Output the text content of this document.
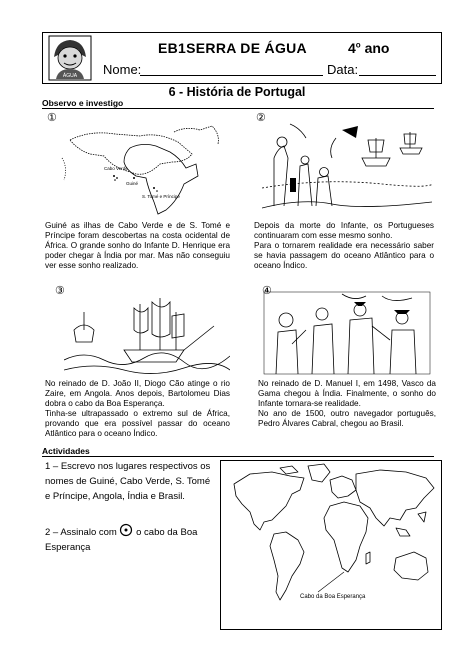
ÁGUA
EB1SERRA DE ÁGUA	4$^o$ ano
Nome:	Data:
6 - História de Portugal
Observo e investigo
①
Cabo Verde
Guiné
S. Tomé e Príncipe

Guiné as ilhas de Cabo Verde e de S. Tomé e Príncipe foram descobertas na costa ocidental de África. O grande sonho do Infante D. Henrique era poder chegar à Índia por mar. Mas não conseguiu ver esse sonho realizado.

②

Depois da morte do Infante, os Portugueses continuaram com esse mesmo sonho.

Para o tornarem realidade era necessário saber se havia passagem do oceano Atlântico para o oceano Índico.

③

No reinado de D. João II, Diogo Cão atinge o rio Zaire, em Angola. Anos depois, Bartolomeu Dias dobra o cabo da Boa Esperança.

Tinha-se ultrapassado o extremo sul de África, provando que era possível passar do oceano Atlântico para o oceano Índico.

④

No reinado de D. Manuel I, em 1498, Vasco da Gama chegou à Índia. Finalmente, o sonho do Infante tornara-se realidade.

No ano de 1500, outro navegador português, Pedro Álvares Cabral, chegou ao Brasil.

Actividades

1 – Escrevo nos lugares respectivos os nomes de Guiné, Cabo Verde, S. Tomé e Príncipe, Angola, Índia e Brasil.

2 – Assinalo com o cabo da Boa Esperança
Cabo da Boa Esperança
